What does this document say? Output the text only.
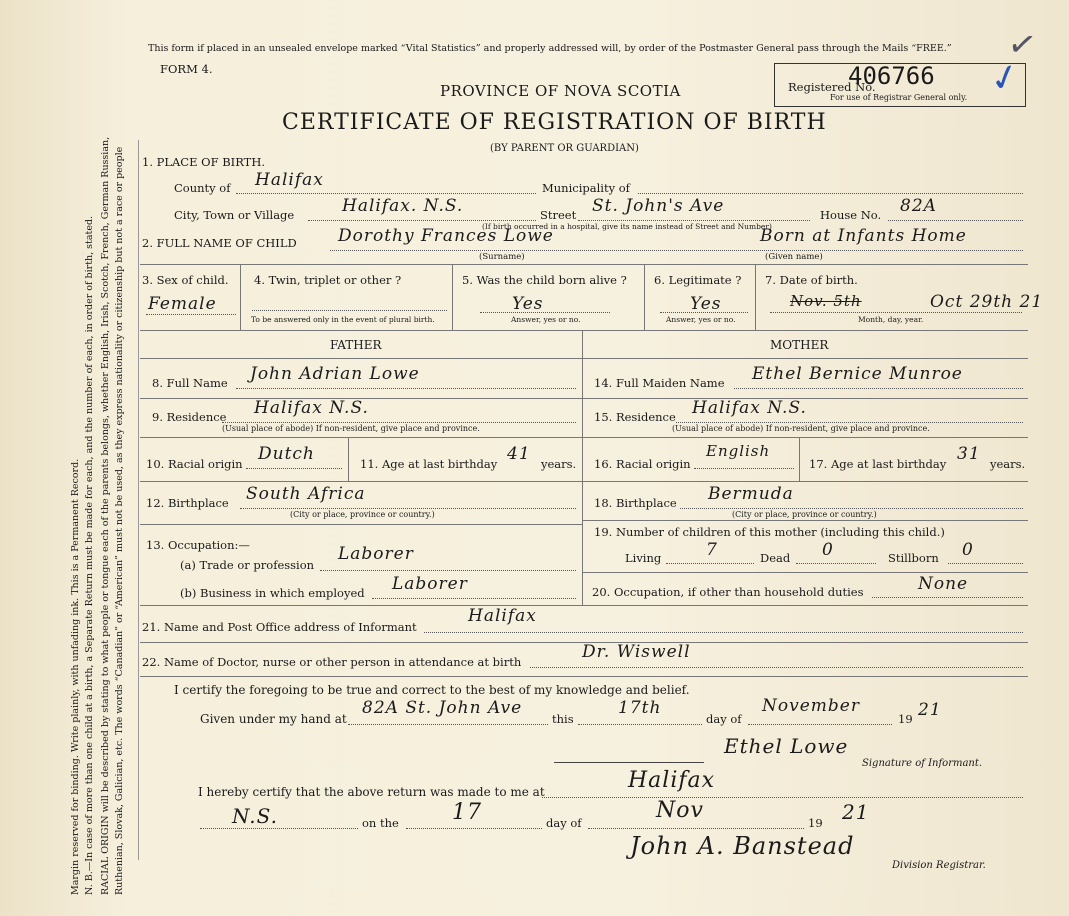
Margin reserved for binding. Write plainly, with unfading ink. This is a Permanent Record. N. B.—In case of more than one child at a birth, a Separate Return must be made for each, and the number of each, in order of birth, stated. RACIAL ORIGIN will be described by stating to what people or tongue each of the parents belongs, whether English, Irish, Scotch, French, German Russian, Ruthenian, Slovak, Galician, etc. The words “Canadian” or “American” must not be used, as they express nationality or citizenship but not a race or people
This form if placed in an unsealed envelope marked “Vital Statistics” and properly addressed will, by order of the Postmaster General pass through the Mails “FREE.”
FORM 4.
PROVINCE OF NOVA SCOTIA
CERTIFICATE OF REGISTRATION OF BIRTH
(BY PARENT OR GUARDIAN)
Registered No.
406766
For use of Registrar General only.
✓
✓
1. PLACE OF BIRTH.
County of Halifax	Municipality of
City, Town or Village	Halifax. N.S.	Street St. John's Ave
(If birth occurred in a hospital, give its name instead of Street and Number)
House No. 82A
2. FULL NAME OF CHILD Dorothy Frances Lowe	Born at Infants Home
(Surname)	(Given name)
3. Sex of child.
Female
4. Twin, triplet or other ?
To be answered only in the event of plural birth.
5. Was the child born alive ?
Yes
Answer, yes or no.
6. Legitimate ?
Yes
Answer, yes or no.
7. Date of birth.
Nov. 5th	Oct 29th 21
Month, day, year.
FATHER	MOTHER
8. Full Name John Adrian Lowe
9. Residence Halifax N.S.
(Usual place of abode) If non-resident, give place and province.
10. Racial origin Dutch	11. Age at last birthday 41 years.
12. Birthplace South Africa
(City or place, province or country.)
13. Occupation:—
(a) Trade or profession
Laborer
(b) Business in which employed Laborer
14. Full Maiden Name Ethel Bernice Munroe
15. Residence Halifax N.S.
(Usual place of abode) If non-resident, give place and province.
16. Racial origin
English
17. Age at last birthday 31 years.
18. Birthplace Bermuda
(City or place, province or country.)
19. Number of children of this mother (including this child.)
Living	7	Dead 0	Stillborn 0
20. Occupation, if other than household duties	None
21. Name and Post Office address of Informant
Halifax
22. Name of Doctor, nurse or other person in attendance at birth	Dr. Wiswell
I certify the foregoing to be true and correct to the best of my knowledge and belief.
Given under my hand at
82A St. John Ave
this
17th
day of
November
19 21
Ethel Lowe
Signature of Informant.
I hereby certify that the above return was made to me at	Halifax
N.S.	on the 17	day of	Nov	19 21
John A. Banstead
Division Registrar.
